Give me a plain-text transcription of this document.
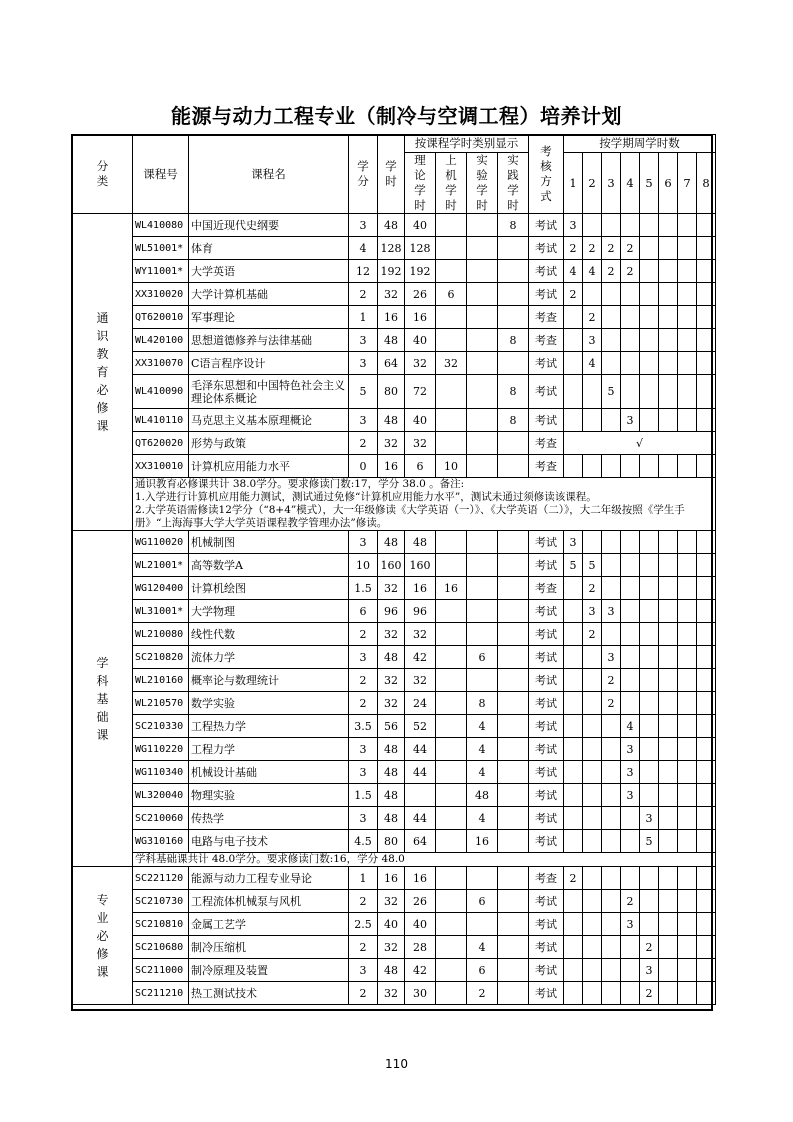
能源与动力工程专业（制冷与空调工程）培养计划
分类	课程号	课程名	学分	学时	按课程学时类别显示				考核方式	按学期周学时数							
					理论学时	上机学时	实验学时	实践学时		1	2	3	4	5	6	7	8
通识教育必修课	WL410080	中国近现代史纲要	3	48	40			8	考试	3							
	WL51001*	体育	4	128	128				考试	2	2	2	2				
	WY11001*	大学英语	12	192	192				考试	4	4	2	2				
	XX310020	大学计算机基础	2	32	26	6			考试	2							
	QT620010	军事理论	1	16	16				考查		2						
	WL420100	思想道德修养与法律基础	3	48	40			8	考查		3						
	XX310070	C语言程序设计	3	64	32	32			考试		4						
	WL410090	毛泽东思想和中国特色社会主义理论体系概论	5	80	72			8	考试			5					
	WL410110	马克思主义基本原理概论	3	48	40			8	考试				3				
	QT620020	形势与政策	2	32	32				考查	√							
	XX310010	计算机应用能力水平	0	16	6	10			考查								

	通识教育必修课共计 38.0学分。要求修读门数:17，学分 38.0 。备注:
1.入学进行计算机应用能力测试，测试通过免修“计算机应用能力水平”，测试未通过须修读该课程。
2.大学英语需修读12学分（“8+4”模式），大一年级修读《大学英语（一）》、《大学英语（二）》，大二年级按照《学生手册》“上海海事大学大学英语课程教学管理办法”修读。																

学科基础课	WG110020	机械制图	3	48	48				考试	3							
	WL21001*	高等数学A	10	160	160				考试	5	5						
	WG120400	计算机绘图	1.5	32	16	16			考查		2						
	WL31001*	大学物理	6	96	96				考试		3	3					
	WL210080	线性代数	2	32	32				考试		2						
	SC210820	流体力学	3	48	42		6		考试			3					
	WL210160	概率论与数理统计	2	32	32				考试			2					
	WL210570	数学实验	2	32	24		8		考试			2					
	SC210330	工程热力学	3.5	56	52		4		考试				4				
	WG110220	工程力学	3	48	44		4		考试				3				
	WG110340	机械设计基础	3	48	44		4		考试				3				
	WL320040	物理实验	1.5	48			48		考试				3				
	SC210060	传热学	3	48	44		4		考试					3			
	WG310160	电路与电子技术	4.5	80	64		16		考试					5			

	学科基础课共计 48.0学分。要求修读门数:16，学分 48.0																

专业必修课	SC221120	能源与动力工程专业导论	1	16	16				考查	2							
	SC210730	工程流体机械泵与风机	2	32	26		6		考试				2				
	SC210810	金属工艺学	2.5	40	40				考试				3				
	SC210680	制冷压缩机	2	32	28		4		考试					2			
	SC211000	制冷原理及装置	3	48	42		6		考试					3			
	SC211210	热工测试技术	2	32	30		2		考试					2			
110
